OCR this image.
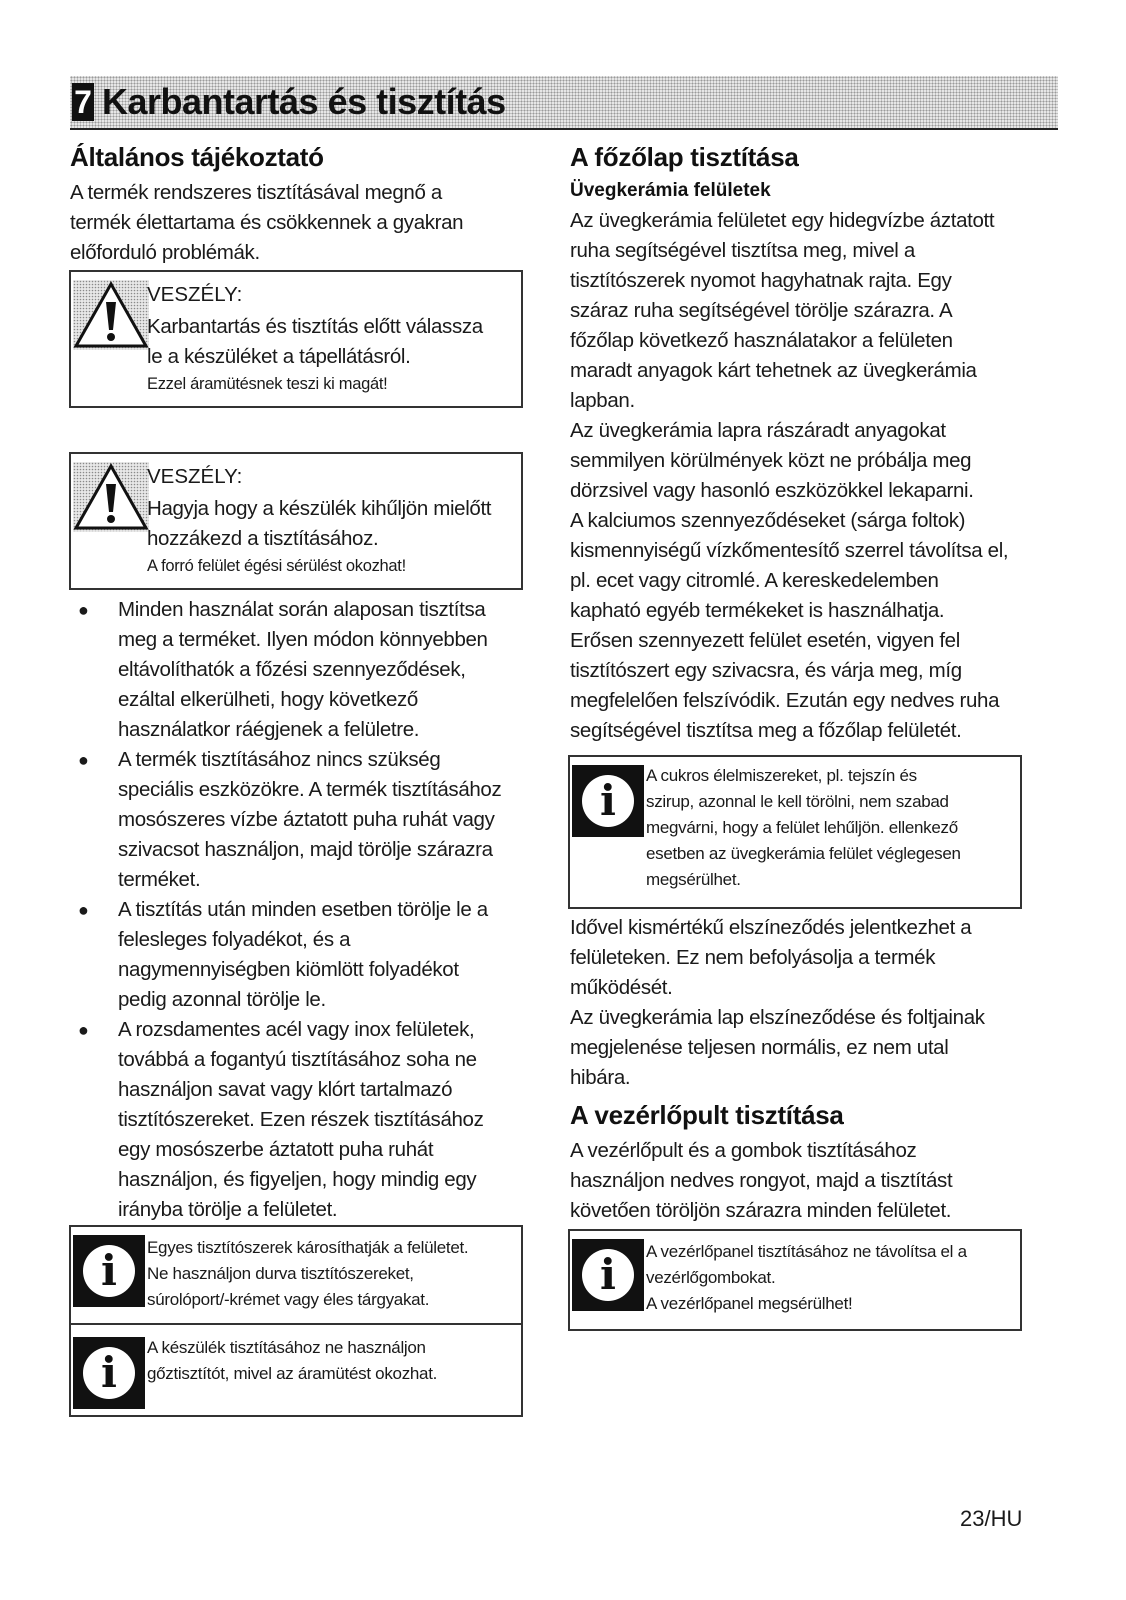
7 Karbantartás és tisztítás
Általános tájékoztató
A termék rendszeres tisztításával megnő a
termék élettartama és csökkennek a gyakran
előforduló problémák.
VESZÉLY:
Karbantartás és tisztítás előtt válassza
le a készüléket a tápellátásról.
Ezzel áramütésnek teszi ki magát!
VESZÉLY:
Hagyja hogy a készülék kihűljön mielőtt
hozzákezd a tisztításához.
A forró felület égési sérülést okozhat!
● Minden használat során alaposan tisztítsa
meg a terméket. Ilyen módon könnyebben
eltávolíthatók a főzési szennyeződések,
ezáltal elkerülheti, hogy következő
használatkor ráégjenek a felületre.
● A termék tisztításához nincs szükség
speciális eszközökre. A termék tisztításához
mosószeres vízbe áztatott puha ruhát vagy
szivacsot használjon, majd törölje szárazra
terméket.
● A tisztítás után minden esetben törölje le a
felesleges folyadékot, és a
nagymennyiségben kiömlött folyadékot
pedig azonnal törölje le.
● A rozsdamentes acél vagy inox felületek,
továbbá a fogantyú tisztításához soha ne
használjon savat vagy klórt tartalmazó
tisztítószereket. Ezen részek tisztításához
egy mosószerbe áztatott puha ruhát
használjon, és figyeljen, hogy mindig egy
irányba törölje a felületet.
i	Egyes tisztítószerek károsíthatják a felületet.
Ne használjon durva tisztítószereket,
súrolóport/-krémet vagy éles tárgyakat.
i
A készülék tisztításához ne használjon
gőztisztítót, mivel az áramütést okozhat.
A főzőlap tisztítása
Üvegkerámia felületek
Az üvegkerámia felületet egy hidegvízbe áztatott
ruha segítségével tisztítsa meg, mivel a
tisztítószerek nyomot hagyhatnak rajta. Egy
száraz ruha segítségével törölje szárazra. A
főzőlap következő használatakor a felületen
maradt anyagok kárt tehetnek az üvegkerámia
lapban.
Az üvegkerámia lapra rászáradt anyagokat
semmilyen körülmények közt ne próbálja meg
dörzsivel vagy hasonló eszközökkel lekaparni.
A kalciumos szennyeződéseket (sárga foltok)
kismennyiségű vízkőmentesítő szerrel távolítsa el,
pl. ecet vagy citromlé. A kereskedelemben
kapható egyéb termékeket is használhatja.
Erősen szennyezett felület esetén, vigyen fel
tisztítószert egy szivacsra, és várja meg, míg
megfelelően felszívódik. Ezután egy nedves ruha
segítségével tisztítsa meg a főzőlap felületét.
i
A cukros élelmiszereket, pl. tejszín és
szirup, azonnal le kell törölni, nem szabad
megvárni, hogy a felület lehűljön. ellenkező
esetben az üvegkerámia felület véglegesen
megsérülhet.
Idővel kismértékű elszíneződés jelentkezhet a
felületeken. Ez nem befolyásolja a termék
működését.
Az üvegkerámia lap elszíneződése és foltjainak
megjelenése teljesen normális, ez nem utal
hibára.
A vezérlőpult tisztítása
A vezérlőpult és a gombok tisztításához
használjon nedves rongyot, majd a tisztítást
követően töröljön szárazra minden felületet.
i	A vezérlőpanel tisztításához ne távolítsa el a
vezérlőgombokat.
A vezérlőpanel megsérülhet!
23/HU
